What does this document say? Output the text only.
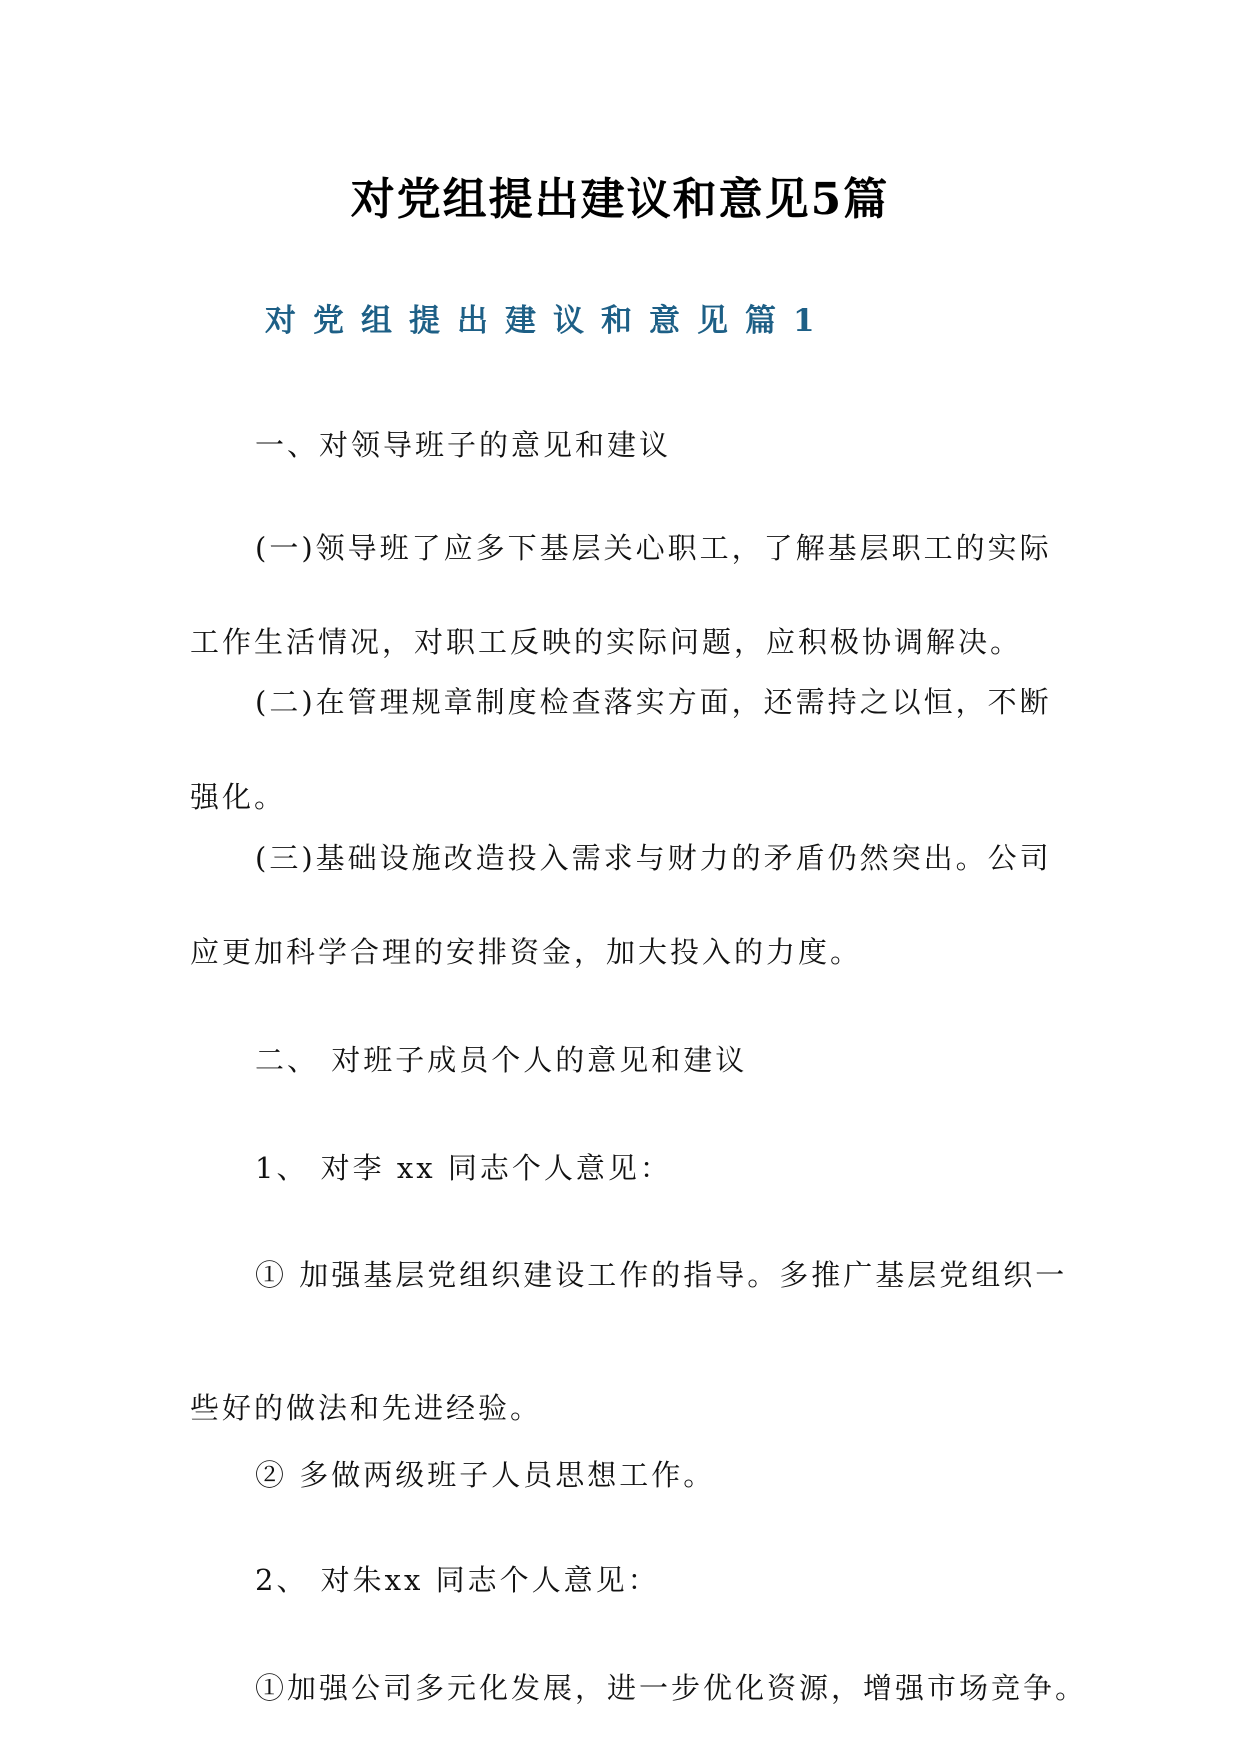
对党组提出建议和意见5篇
对党组提出建议和意见篇1
一、对领导班子的意见和建议
(一)领导班了应多下基层关心职工，了解基层职工的实际
工作生活情况，对职工反映的实际问题，应积极协调解决。
(二)在管理规章制度检查落实方面，还需持之以恒，不断
强化。
(三)基础设施改造投入需求与财力的矛盾仍然突出。公司
应更加科学合理的安排资金，加大投入的力度。
二、 对班子成员个人的意见和建议
1、 对李 xx 同志个人意见：
① 加强基层党组织建设工作的指导。多推广基层党组织一
些好的做法和先进经验。
② 多做两级班子人员思想工作。
2、 对朱xx 同志个人意见：
①加强公司多元化发展，进一步优化资源，增强市场竞争。
